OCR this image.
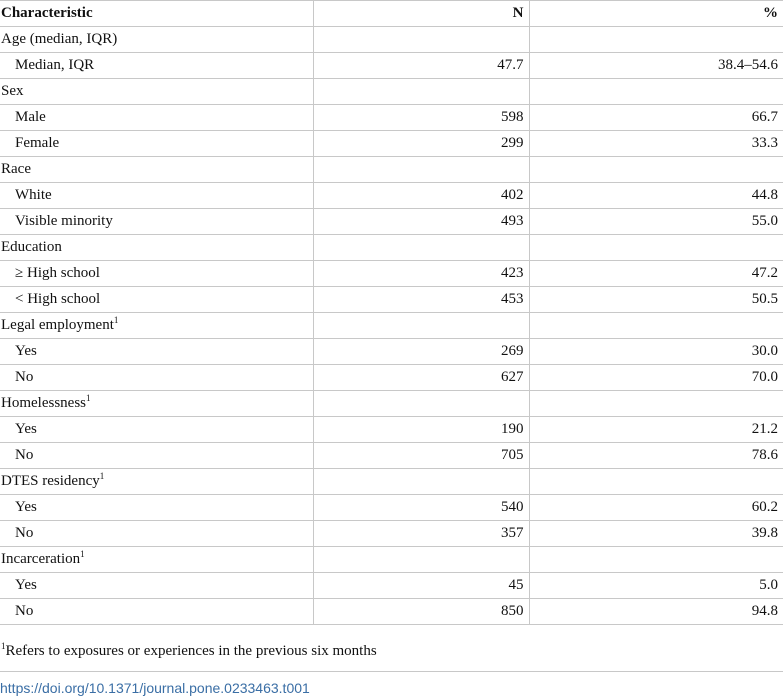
Characteristic	N	%
Age (median, IQR)		
Median, IQR	47.7	38.4–54.6
Sex		
Male	598	66.7
Female	299	33.3
Race		
White	402	44.8
Visible minority	493	55.0
Education		
≥ High school	423	47.2
< High school	453	50.5
Legal employment$^1$		
Yes	269	30.0
No	627	70.0
Homelessness$^1$		
Yes	190	21.2
No	705	78.6
DTES residency$^1$		
Yes	540	60.2
No	357	39.8
Incarceration$^1$		
Yes	45	5.0
No	850	94.8
$^1$Refers to exposures or experiences in the previous six months
https://doi.org/10.1371/journal.pone.0233463.t001
